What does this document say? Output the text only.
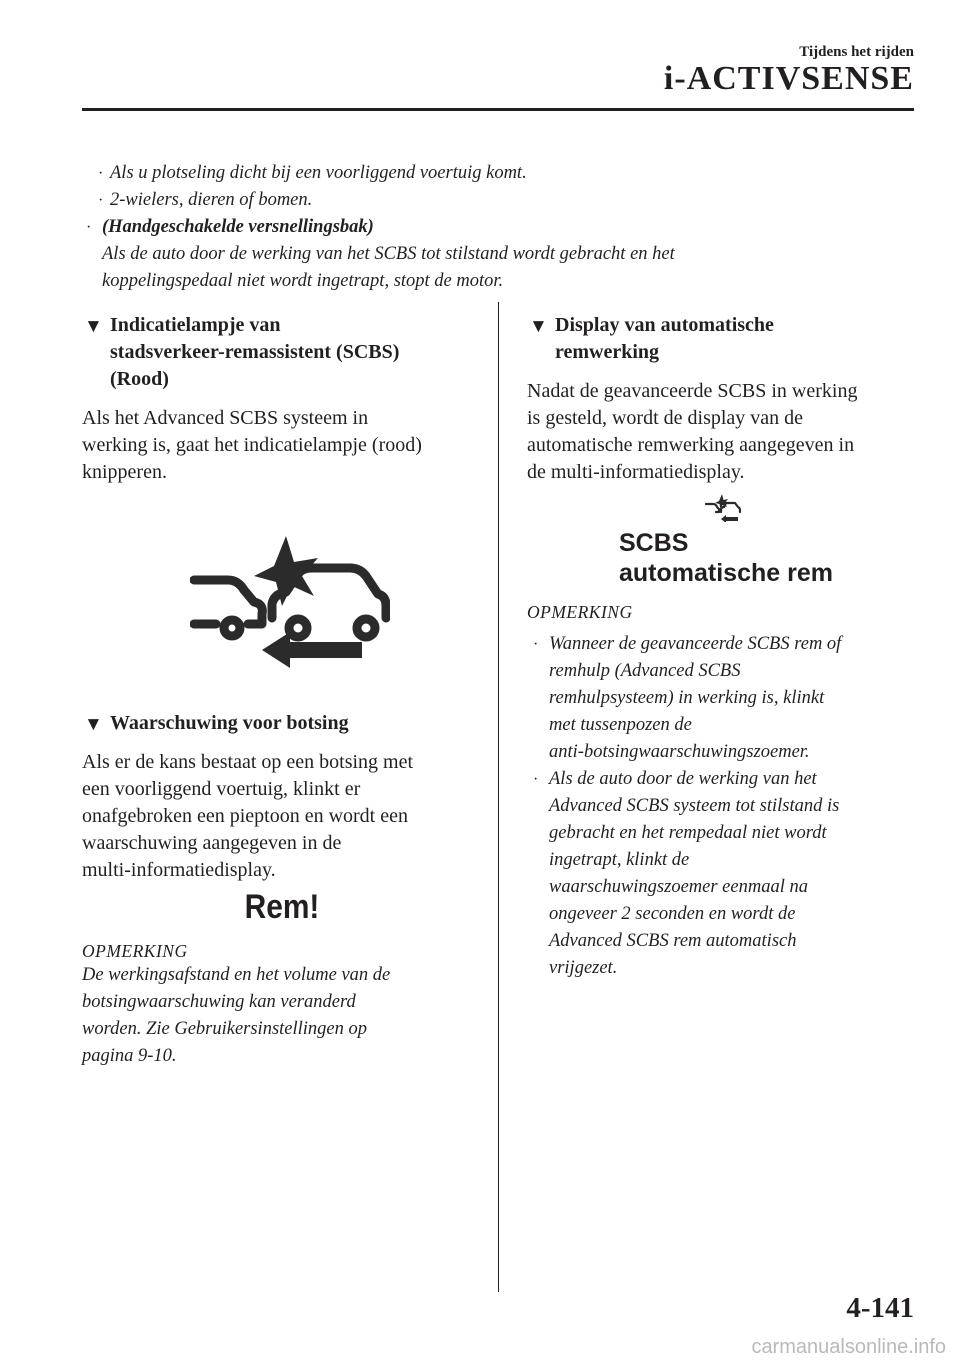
Tijdens het rijden
i-ACTIVSENSE
· Als u plotseling dicht bij een voorliggend voertuig komt.
· 2-wielers, dieren of bomen.
· (Handgeschakelde versnellingsbak)
Als de auto door de werking van het SCBS tot stilstand wordt gebracht en het
koppelingspedaal niet wordt ingetrapt, stopt de motor.
▼ Indicatielampje van
stadsverkeer-remassistent (SCBS)
(Rood)
Als het Advanced SCBS systeem in
werking is, gaat het indicatielampje (rood)
knipperen.
▼ Waarschuwing voor botsing
Als er de kans bestaat op een botsing met
een voorliggend voertuig, klinkt er
onafgebroken een pieptoon en wordt een
waarschuwing aangegeven in de
multi-informatiedisplay.
Rem!
OPMERKING
De werkingsafstand en het volume van de
botsingwaarschuwing kan veranderd
worden. Zie Gebruikersinstellingen op
pagina 9-10.
▼ Display van automatische
remwerking
Nadat de geavanceerde SCBS in werking
is gesteld, wordt de display van de
automatische remwerking aangegeven in
de multi-informatiedisplay.
SCBS
automatische rem
OPMERKING
· Wanneer de geavanceerde SCBS rem of
remhulp (Advanced SCBS
remhulpsysteem) in werking is, klinkt
met tussenpozen de
anti-botsingwaarschuwingszoemer.
· Als de auto door de werking van het
Advanced SCBS systeem tot stilstand is
gebracht en het rempedaal niet wordt
ingetrapt, klinkt de
waarschuwingszoemer eenmaal na
ongeveer 2 seconden en wordt de
Advanced SCBS rem automatisch
vrijgezet.
4-141
carmanualsonline.info
